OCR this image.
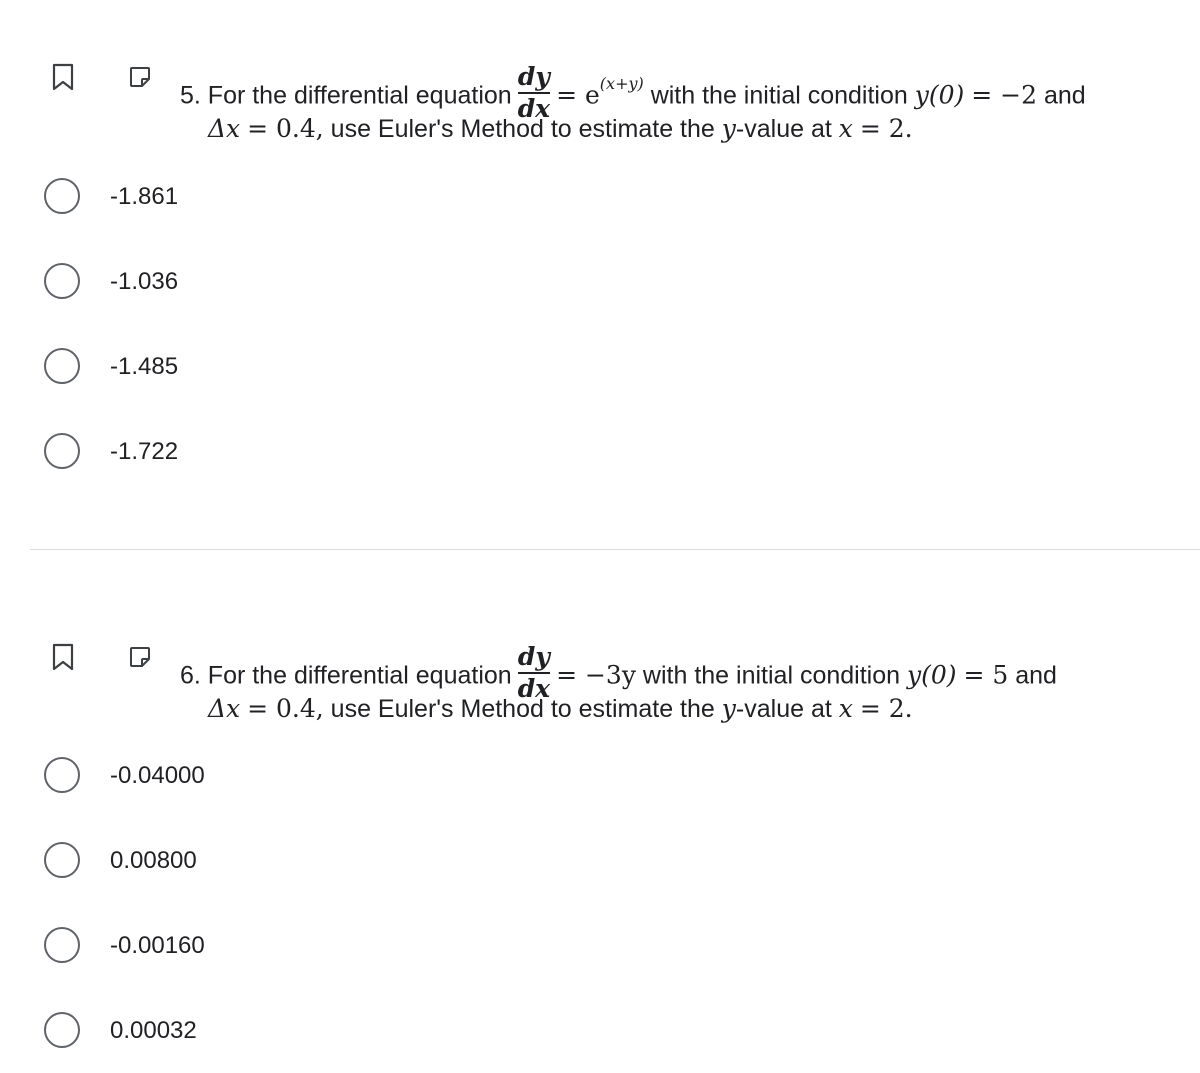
5. For the differential equation $\frac{dy}{dx} = e^{(x+y)}$ with the initial condition y(0) = −2 and
Δx = 0.4, use Euler's Method to estimate the y-value at x = 2.
-1.861
-1.036
-1.485
-1.722
6. For the differential equation $\frac{dy}{dx} = -3y$ with the initial condition y(0) = 5 and
Δx = 0.4, use Euler's Method to estimate the y-value at x = 2.
-0.04000
0.00800
-0.00160
0.00032
